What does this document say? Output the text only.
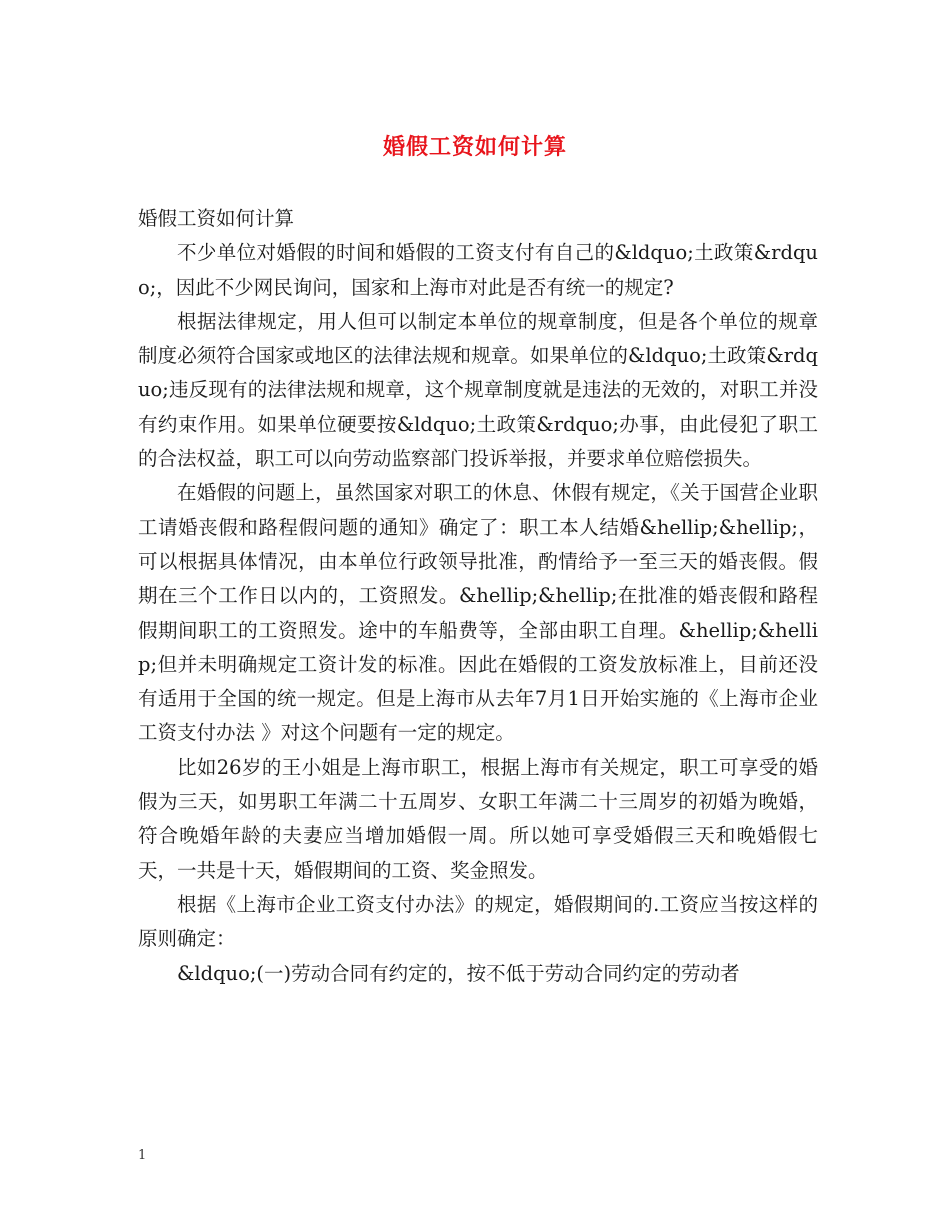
婚假工资如何计算

婚假工资如何计算

不少单位对婚假的时间和婚假的工资支付有自己的&ldquo;土政策&rdquo;，因此不少网民询问，国家和上海市对此是否有统一的规定?

根据法律规定，用人但可以制定本单位的规章制度，但是各个单位的规章制度必须符合国家或地区的法律法规和规章。如果单位的&ldquo;土政策&rdquo;违反现有的法律法规和规章，这个规章制度就是违法的无效的，对职工并没有约束作用。如果单位硬要按&ldquo;土政策&rdquo;办事，由此侵犯了职工的合法权益，职工可以向劳动监察部门投诉举报，并要求单位赔偿损失。

在婚假的问题上，虽然国家对职工的休息、休假有规定，《关于国营企业职工请婚丧假和路程假问题的通知》确定了：职工本人结婚&hellip;&hellip;，可以根据具体情况，由本单位行政领导批准，酌情给予一至三天的婚丧假。假期在三个工作日以内的，工资照发。&hellip;&hellip;在批准的婚丧假和路程假期间职工的工资照发。途中的车船费等，全部由职工自理。&hellip;&hellip;但并未明确规定工资计发的标准。因此在婚假的工资发放标准上，目前还没有适用于全国的统一规定。但是上海市从去年7月1日开始实施的《上海市企业工资支付办法 》对这个问题有一定的规定。

比如26岁的王小姐是上海市职工，根据上海市有关规定，职工可享受的婚假为三天，如男职工年满二十五周岁、女职工年满二十三周岁的初婚为晚婚，符合晚婚年龄的夫妻应当增加婚假一周。所以她可享受婚假三天和晚婚假七天，一共是十天，婚假期间的工资、奖金照发。

根据《上海市企业工资支付办法》的规定，婚假期间的.工资应当按这样的原则确定：

&ldquo;(一)劳动合同有约定的，按不低于劳动合同约定的劳动者

1
